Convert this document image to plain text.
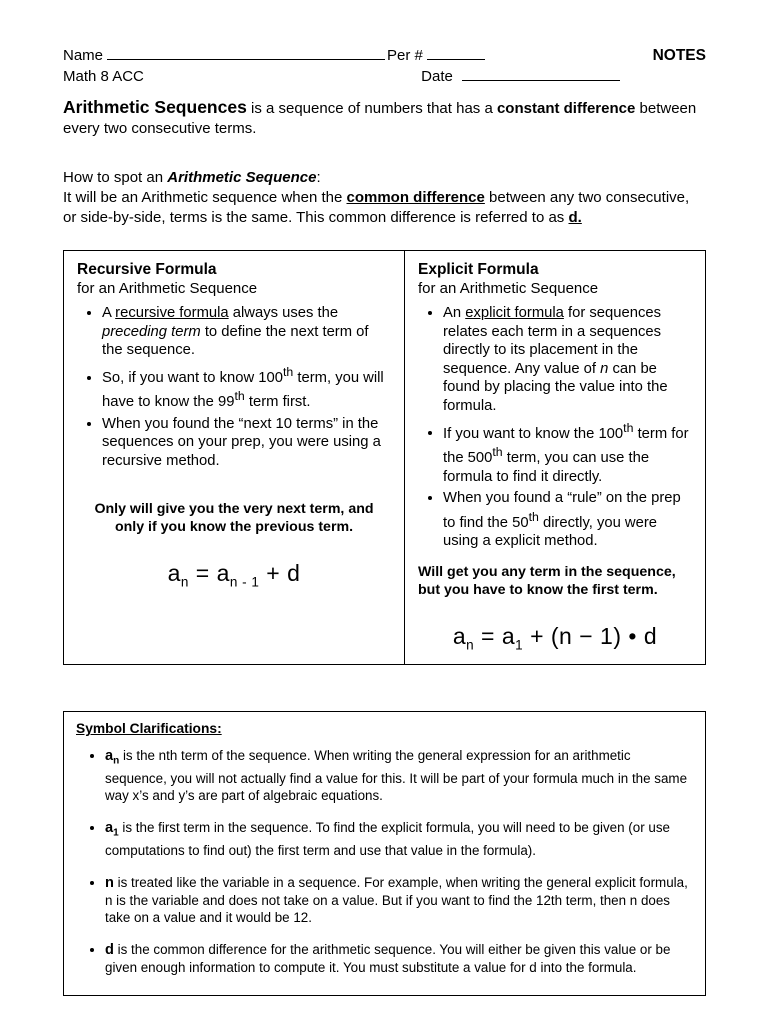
Name	Per #	NOTES
Math 8 ACC	Date

Arithmetic Sequences is a sequence of numbers that has a constant difference between every two consecutive terms.

How to spot an Arithmetic Sequence:

It will be an Arithmetic sequence when the common difference between any two consecutive, or side-by-side, terms is the same. This common difference is referred to as d.

Recursive Formula
for an Arithmetic Sequence
• A recursive formula always uses the preceding term to define the next term of the sequence.
• So, if you want to know 100th term, you will have to know the 99th term first.
• When you found the “next 10 terms” in the sequences on your prep, you were using a recursive method.
Only will give you the very next term, and only if you know the previous term.
$a_n = a_{n - 1} + d$
Explicit Formula
for an Arithmetic Sequence
• An explicit formula for sequences relates each term in a sequences directly to its placement in the sequence. Any value of n can be found by placing the value into the formula.
• If you want to know the 100th term for the 500th term, you can use the formula to find it directly.
• When you found a “rule” on the prep to find the 50th directly, you were using a explicit method.
Will get you any term in the sequence, but you have to know the first term.
$a_n = a_1 + (n - 1)$ • d
Symbol Clarifications:
• $a_n$ is the nth term of the sequence. When writing the general expression for an arithmetic sequence, you will not actually find a value for this. It will be part of your formula much in the same way x’s and y’s are part of algebraic equations.
• $a_1$ is the first term in the sequence. To find the explicit formula, you will need to be given (or use computations to find out) the first term and use that value in the formula).
• n is treated like the variable in a sequence. For example, when writing the general explicit formula, n is the variable and does not take on a value. But if you want to find the 12th term, then n does take on a value and it would be 12.
• d is the common difference for the arithmetic sequence. You will either be given this value or be given enough information to compute it. You must substitute a value for d into the formula.
